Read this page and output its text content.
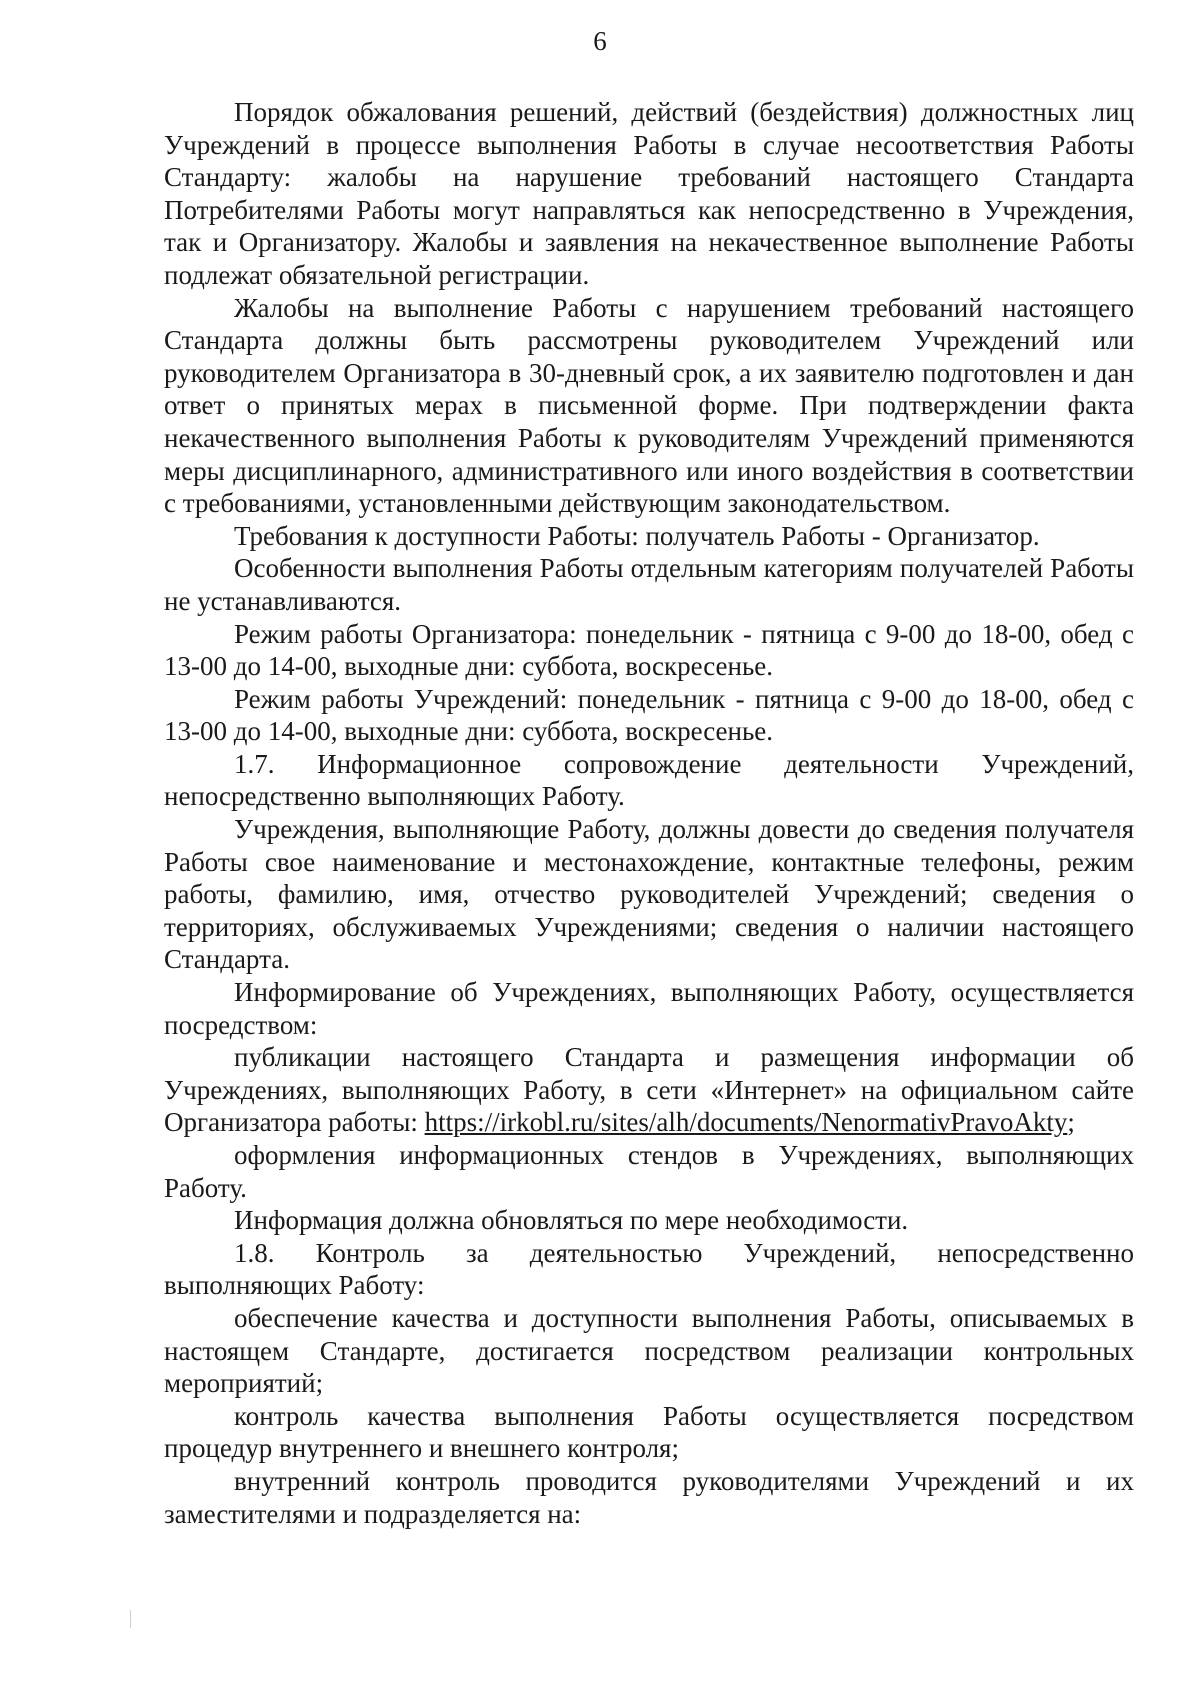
6

Порядок обжалования решений, действий (бездействия) должностных лиц Учреждений в процессе выполнения Работы в случае несоответствия Работы Стандарту: жалобы на нарушение требований настоящего Стандарта Потребителями Работы могут направляться как непосредственно в Учреждения, так и Организатору. Жалобы и заявления на некачественное выполнение Работы подлежат обязательной регистрации.

Жалобы на выполнение Работы с нарушением требований настоящего Стандарта должны быть рассмотрены руководителем Учреждений или руководителем Организатора в 30-дневный срок, а их заявителю подготовлен и дан ответ о принятых мерах в письменной форме. При подтверждении факта некачественного выполнения Работы к руководителям Учреждений применяются меры дисциплинарного, административного или иного воздействия в соответствии с требованиями, установленными действующим законодательством.

Требования к доступности Работы: получатель Работы - Организатор.

Особенности выполнения Работы отдельным категориям получателей Работы не устанавливаются.

Режим работы Организатора: понедельник - пятница с 9-00 до 18-00, обед с 13-00 до 14-00, выходные дни: суббота, воскресенье.

Режим работы Учреждений: понедельник - пятница с 9-00 до 18-00, обед с 13-00 до 14-00, выходные дни: суббота, воскресенье.

1.7. Информационное сопровождение деятельности Учреждений, непосредственно выполняющих Работу.

Учреждения, выполняющие Работу, должны довести до сведения получателя Работы свое наименование и местонахождение, контактные телефоны, режим работы, фамилию, имя, отчество руководителей Учреждений; сведения о территориях, обслуживаемых Учреждениями; сведения о наличии настоящего Стандарта.

Информирование об Учреждениях, выполняющих Работу, осуществляется посредством:

публикации настоящего Стандарта и размещения информации об Учреждениях, выполняющих Работу, в сети «Интернет» на официальном сайте Организатора работы: https://irkobl.ru/sites/alh/documents/NenormativPravoAkty;

оформления информационных стендов в Учреждениях, выполняющих Работу.

Информация должна обновляться по мере необходимости.

1.8. Контроль за деятельностью Учреждений, непосредственно выполняющих Работу:

обеспечение качества и доступности выполнения Работы, описываемых в настоящем Стандарте, достигается посредством реализации контрольных мероприятий;

контроль качества выполнения Работы осуществляется посредством процедур внутреннего и внешнего контроля;

внутренний контроль проводится руководителями Учреждений и их заместителями и подразделяется на:
